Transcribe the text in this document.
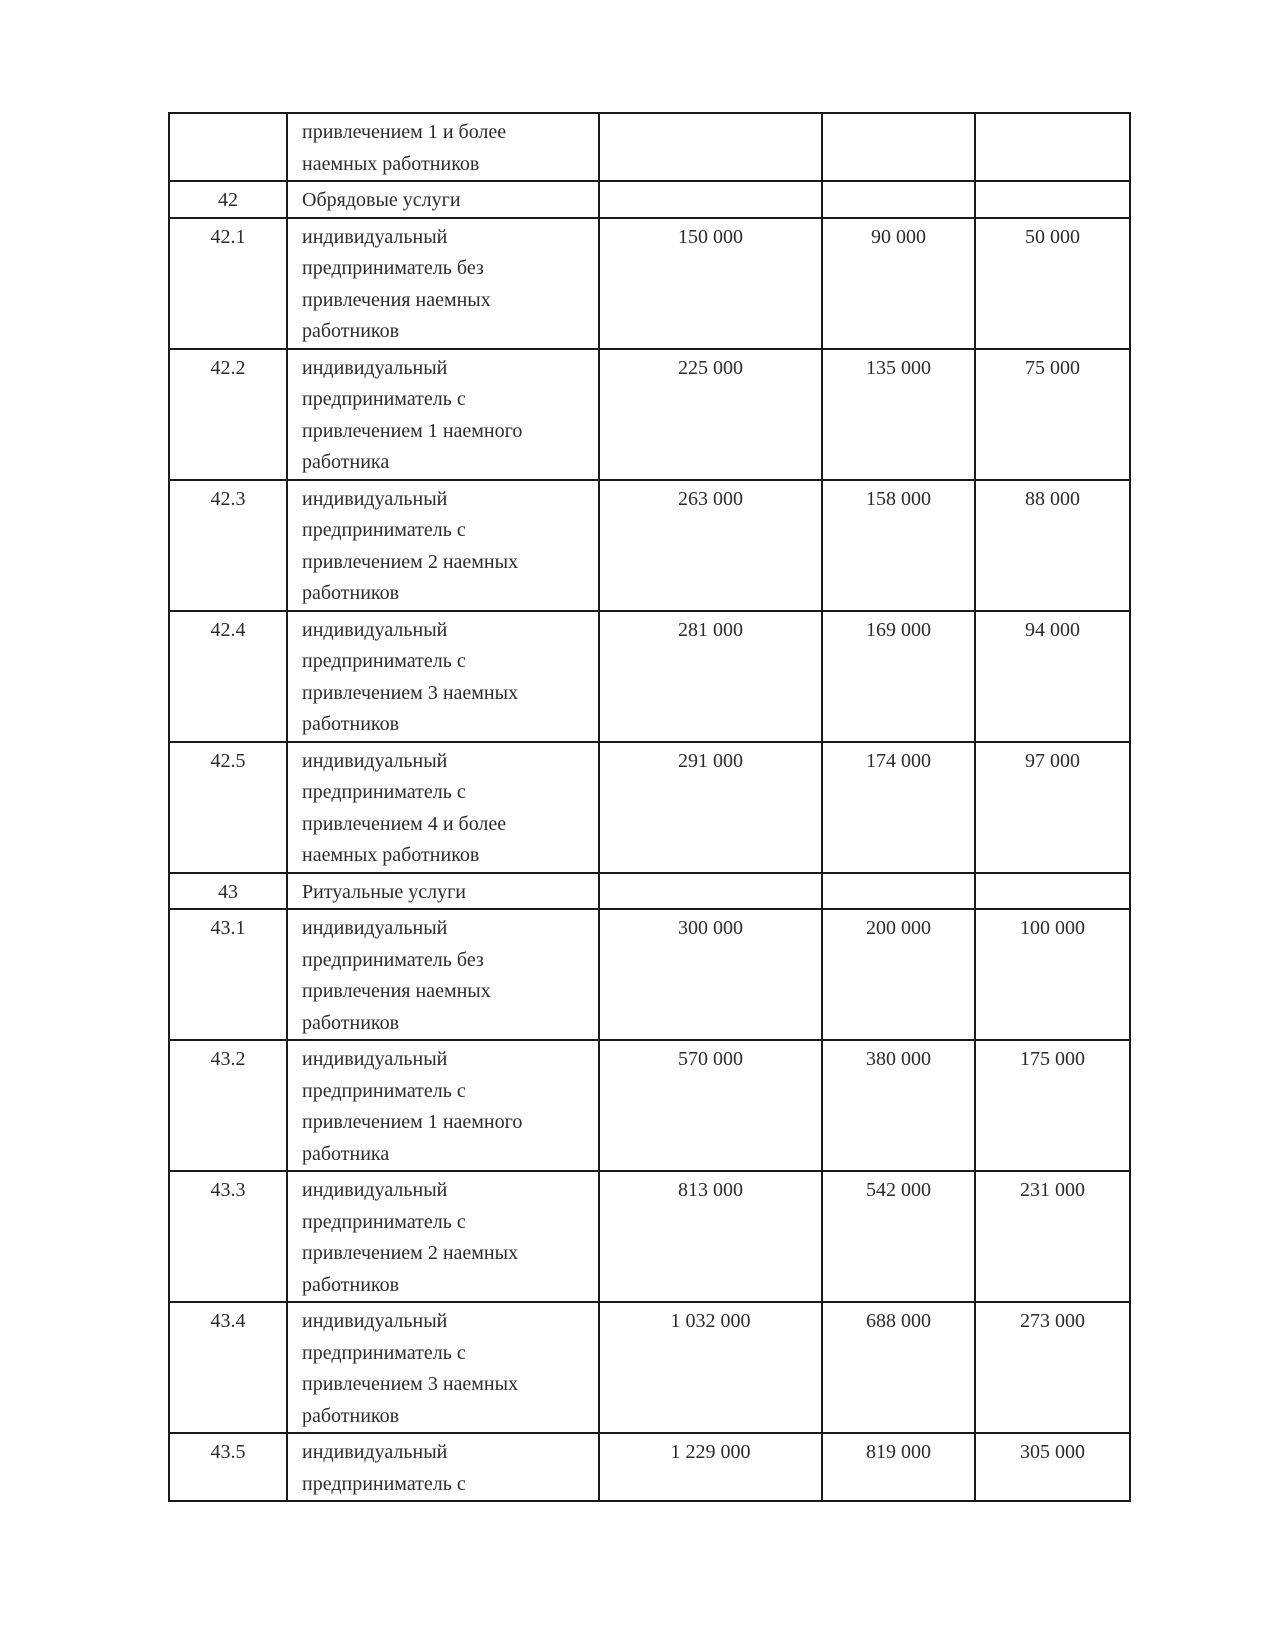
	привлечением 1 и более
наемных работников			

42	Обрядовые услуги			

42.1	индивидуальный
предприниматель без
привлечения наемных
работников	150 000	90 000	50 000
42.2	индивидуальный
предприниматель с
привлечением 1 наемного
работника	225 000	135 000	75 000
42.3	индивидуальный
предприниматель с
привлечением 2 наемных
работников	263 000	158 000	88 000
42.4	индивидуальный
предприниматель с
привлечением 3 наемных
работников	281 000	169 000	94 000
42.5	индивидуальный
предприниматель с
привлечением 4 и более
наемных работников	291 000	174 000	97 000
43	Ритуальные услуги			

43.1	индивидуальный
предприниматель без
привлечения наемных
работников	300 000	200 000	100 000
43.2	индивидуальный
предприниматель с
привлечением 1 наемного
работника	570 000	380 000	175 000
43.3	индивидуальный
предприниматель с
привлечением 2 наемных
работников	813 000	542 000	231 000
43.4	индивидуальный
предприниматель с
привлечением 3 наемных
работников	1 032 000	688 000	273 000
43.5	индивидуальный
предприниматель с	1 229 000	819 000	305 000
